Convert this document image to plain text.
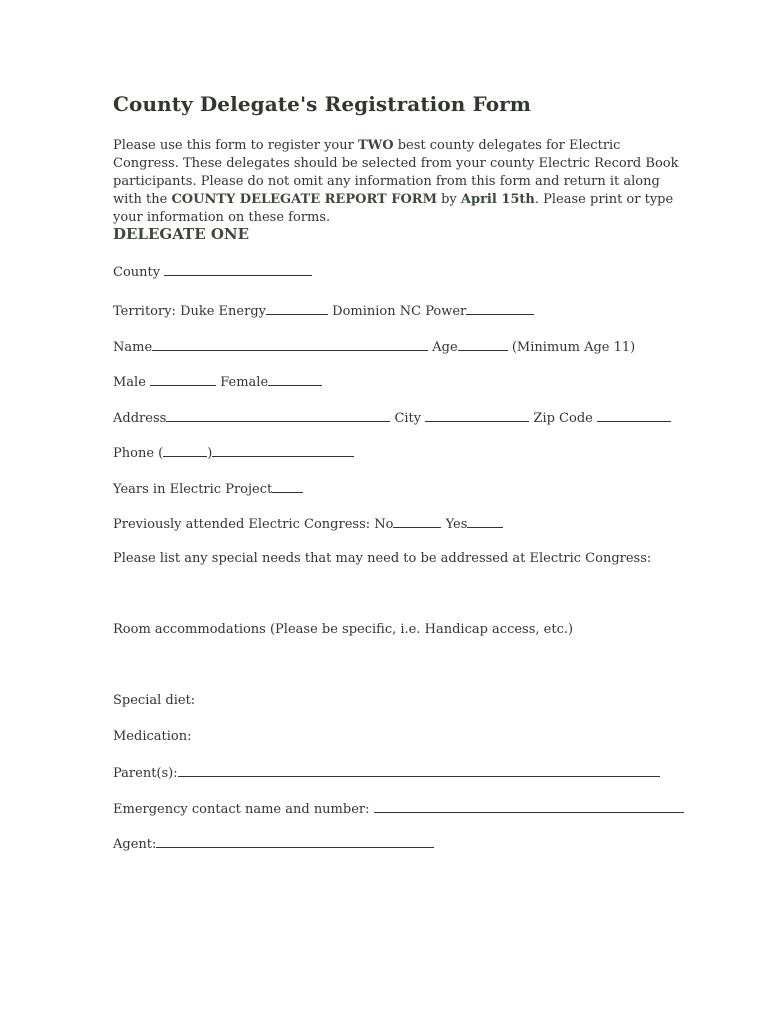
County Delegate's Registration Form
Please use this form to register your TWO best county delegates for Electric Congress. These delegates should be selected from your county Electric Record Book participants. Please do not omit any information from this form and return it along with the COUNTY DELEGATE REPORT FORM by April 15th. Please print or type your information on these forms.
DELEGATE ONE
County
Territory: Duke Energy	Dominion NC Power
Name	Age	(Minimum Age 11)
Male	Female
Address	City	Zip Code
Phone (	)
Years in Electric Project
Previously attended Electric Congress: No	Yes
Please list any special needs that may need to be addressed at Electric Congress:
Room accommodations (Please be specific, i.e. Handicap access, etc.)
Special diet:
Medication:
Parent(s):
Emergency contact name and number:
Agent:
